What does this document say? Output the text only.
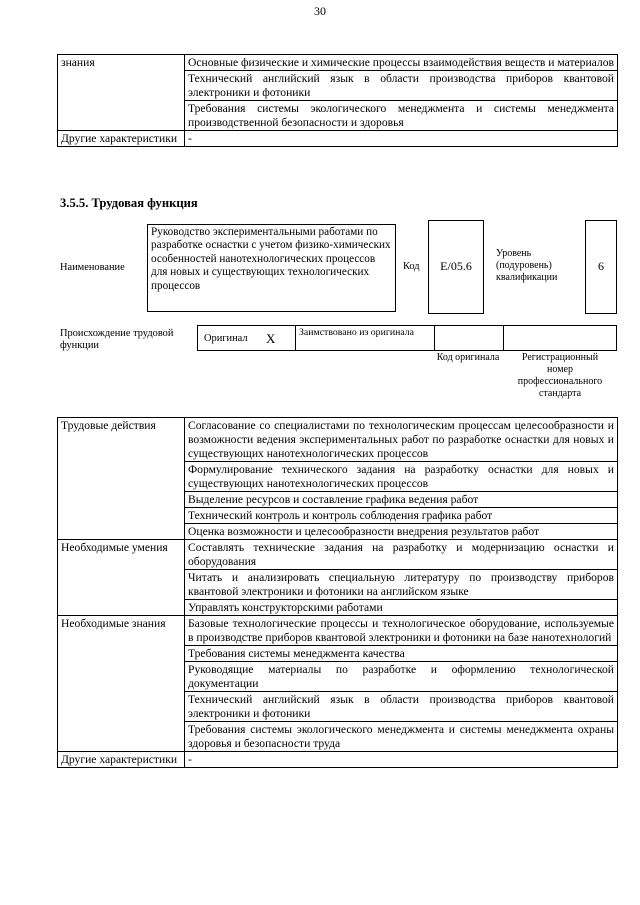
30
знания	Основные физические и химические процессы взаимодействия веществ и материалов
	Технический английский язык в области производства приборов квантовой электроники и фотоники
	Требования системы экологического менеджмента и системы менеджмента производственной безопасности и здоровья
Другие характеристики	-
3.5.5. Трудовая функция
Наименование
Руководство экспериментальными работами по разработке оснастки с учетом физико-химических особенностей нанотехнологических процессов для новых и существующих технологических процессов
Код	E/05.6
Уровень (подуровень) квалификации
6
Происхождение трудовой функции
Оригинал X Заимствовано из оригинала
Код оригинала	Регистрационный номер профессионального стандарта
Трудовые действия	Согласование со специалистами по технологическим процессам целесообразности и возможности ведения экспериментальных работ по разработке оснастки для новых и существующих нанотехнологических процессов
	Формулирование технического задания на разработку оснастки для новых и существующих нанотехнологических процессов
	Выделение ресурсов и составление графика ведения работ
	Технический контроль и контроль соблюдения графика работ
	Оценка возможности и целесообразности внедрения результатов работ
Необходимые умения	Составлять технические задания на разработку и модернизацию оснастки и оборудования
	Читать и анализировать специальную литературу по производству приборов квантовой электроники и фотоники на английском языке
	Управлять конструкторскими работами
Необходимые знания	Базовые технологические процессы и технологическое оборудование, используемые в производстве приборов квантовой электроники и фотоники на базе нанотехнологий
	Требования системы менеджмента качества
	Руководящие материалы по разработке и оформлению технологической документации
	Технический английский язык в области производства приборов квантовой электроники и фотоники
	Требования системы экологического менеджмента и системы менеджмента охраны здоровья и безопасности труда
Другие характеристики	-
